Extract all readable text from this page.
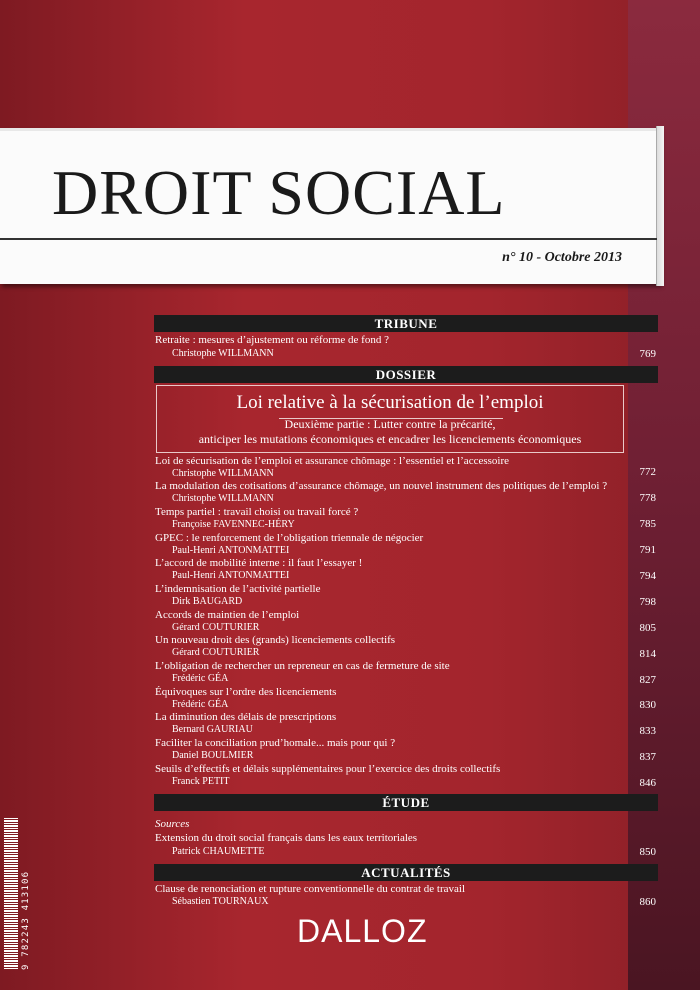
DROIT SOCIAL
n° 10 - Octobre 2013
TRIBUNE
Retraite : mesures d’ajustement ou réforme de fond ?
Christophe WILLMANN	769
DOSSIER
Loi relative à la sécurisation de l’emploi
Deuxième partie : Lutter contre la précarité,
anticiper les mutations économiques et encadrer les licenciements économiques
Loi de sécurisation de l’emploi et assurance chômage : l’essentiel et l’accessoire
Christophe WILLMANN	772
La modulation des cotisations d’assurance chômage, un nouvel instrument des politiques de l’emploi ?
Christophe WILLMANN	778
Temps partiel : travail choisi ou travail forcé ?
Françoise FAVENNEC-HÉRY	785
GPEC : le renforcement de l’obligation triennale de négocier
Paul-Henri ANTONMATTEI	791
L’accord de mobilité interne : il faut l’essayer !
Paul-Henri ANTONMATTEI	794
L’indemnisation de l’activité partielle
Dirk BAUGARD	798
Accords de maintien de l’emploi
Gérard COUTURIER	805
Un nouveau droit des (grands) licenciements collectifs
Gérard COUTURIER	814
L’obligation de rechercher un repreneur en cas de fermeture de site
Frédéric GÉA	827
Équivoques sur l’ordre des licenciements
Frédéric GÉA	830
La diminution des délais de prescriptions
Bernard GAURIAU	833
Faciliter la conciliation prud’homale... mais pour qui ?
Daniel BOULMIER	837
Seuils d’effectifs et délais supplémentaires pour l’exercice des droits collectifs
Franck PETIT	846
ÉTUDE
Sources
Extension du droit social français dans les eaux territoriales
Patrick CHAUMETTE	850
ACTUALITÉS
Clause de renonciation et rupture conventionnelle du contrat de travail
Sébastien TOURNAUX	860
9 782243 413106	DALLOZ
